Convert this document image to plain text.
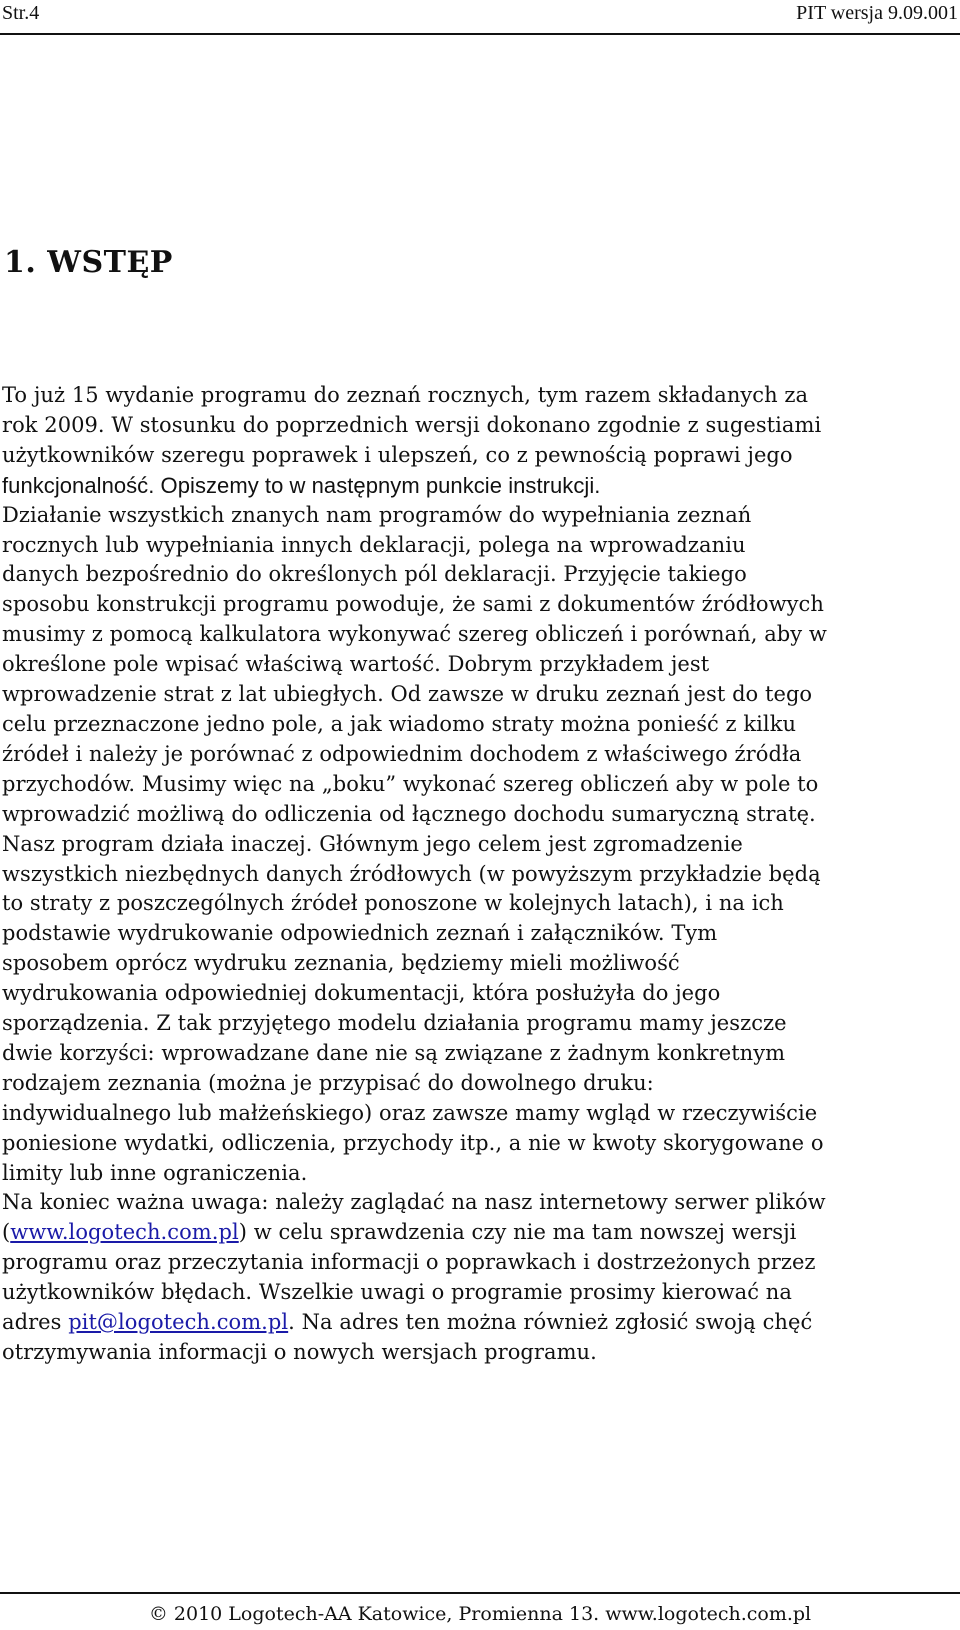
Str.4	PIT wersja 9.09.001
1. WSTĘP
To już 15 wydanie programu do zeznań rocznych, tym razem składanych za
rok 2009. W stosunku do poprzednich wersji dokonano zgodnie z sugestiami
użytkowników szeregu poprawek i ulepszeń, co z pewnością poprawi jego
funkcjonalność. Opiszemy to w następnym punkcie instrukcji.
Działanie wszystkich znanych nam programów do wypełniania zeznań
rocznych lub wypełniania innych deklaracji, polega na wprowadzaniu
danych bezpośrednio do określonych pól deklaracji. Przyjęcie takiego
sposobu konstrukcji programu powoduje, że sami z dokumentów źródłowych
musimy z pomocą kalkulatora wykonywać szereg obliczeń i porównań, aby w
określone pole wpisać właściwą wartość. Dobrym przykładem jest
wprowadzenie strat z lat ubiegłych. Od zawsze w druku zeznań jest do tego
celu przeznaczone jedno pole, a jak wiadomo straty można ponieść z kilku
źródeł i należy je porównać z odpowiednim dochodem z właściwego źródła
przychodów. Musimy więc na „boku” wykonać szereg obliczeń aby w pole to
wprowadzić możliwą do odliczenia od łącznego dochodu sumaryczną stratę.
Nasz program działa inaczej. Głównym jego celem jest zgromadzenie
wszystkich niezbędnych danych źródłowych (w powyższym przykładzie będą
to straty z poszczególnych źródeł ponoszone w kolejnych latach), i na ich
podstawie wydrukowanie odpowiednich zeznań i załączników. Tym
sposobem oprócz wydruku zeznania, będziemy mieli możliwość
wydrukowania odpowiedniej dokumentacji, która posłużyła do jego
sporządzenia. Z tak przyjętego modelu działania programu mamy jeszcze
dwie korzyści: wprowadzane dane nie są związane z żadnym konkretnym
rodzajem zeznania (można je przypisać do dowolnego druku:
indywidualnego lub małżeńskiego) oraz zawsze mamy wgląd w rzeczywiście
poniesione wydatki, odliczenia, przychody itp., a nie w kwoty skorygowane o
limity lub inne ograniczenia.
Na koniec ważna uwaga: należy zaglądać na nasz internetowy serwer plików
(www.logotech.com.pl) w celu sprawdzenia czy nie ma tam nowszej wersji
programu oraz przeczytania informacji o poprawkach i dostrzeżonych przez
użytkowników błędach. Wszelkie uwagi o programie prosimy kierować na
adres pit@logotech.com.pl. Na adres ten można również zgłosić swoją chęć
otrzymywania informacji o nowych wersjach programu.
© 2010 Logotech-AA Katowice, Promienna 13. www.logotech.com.pl
